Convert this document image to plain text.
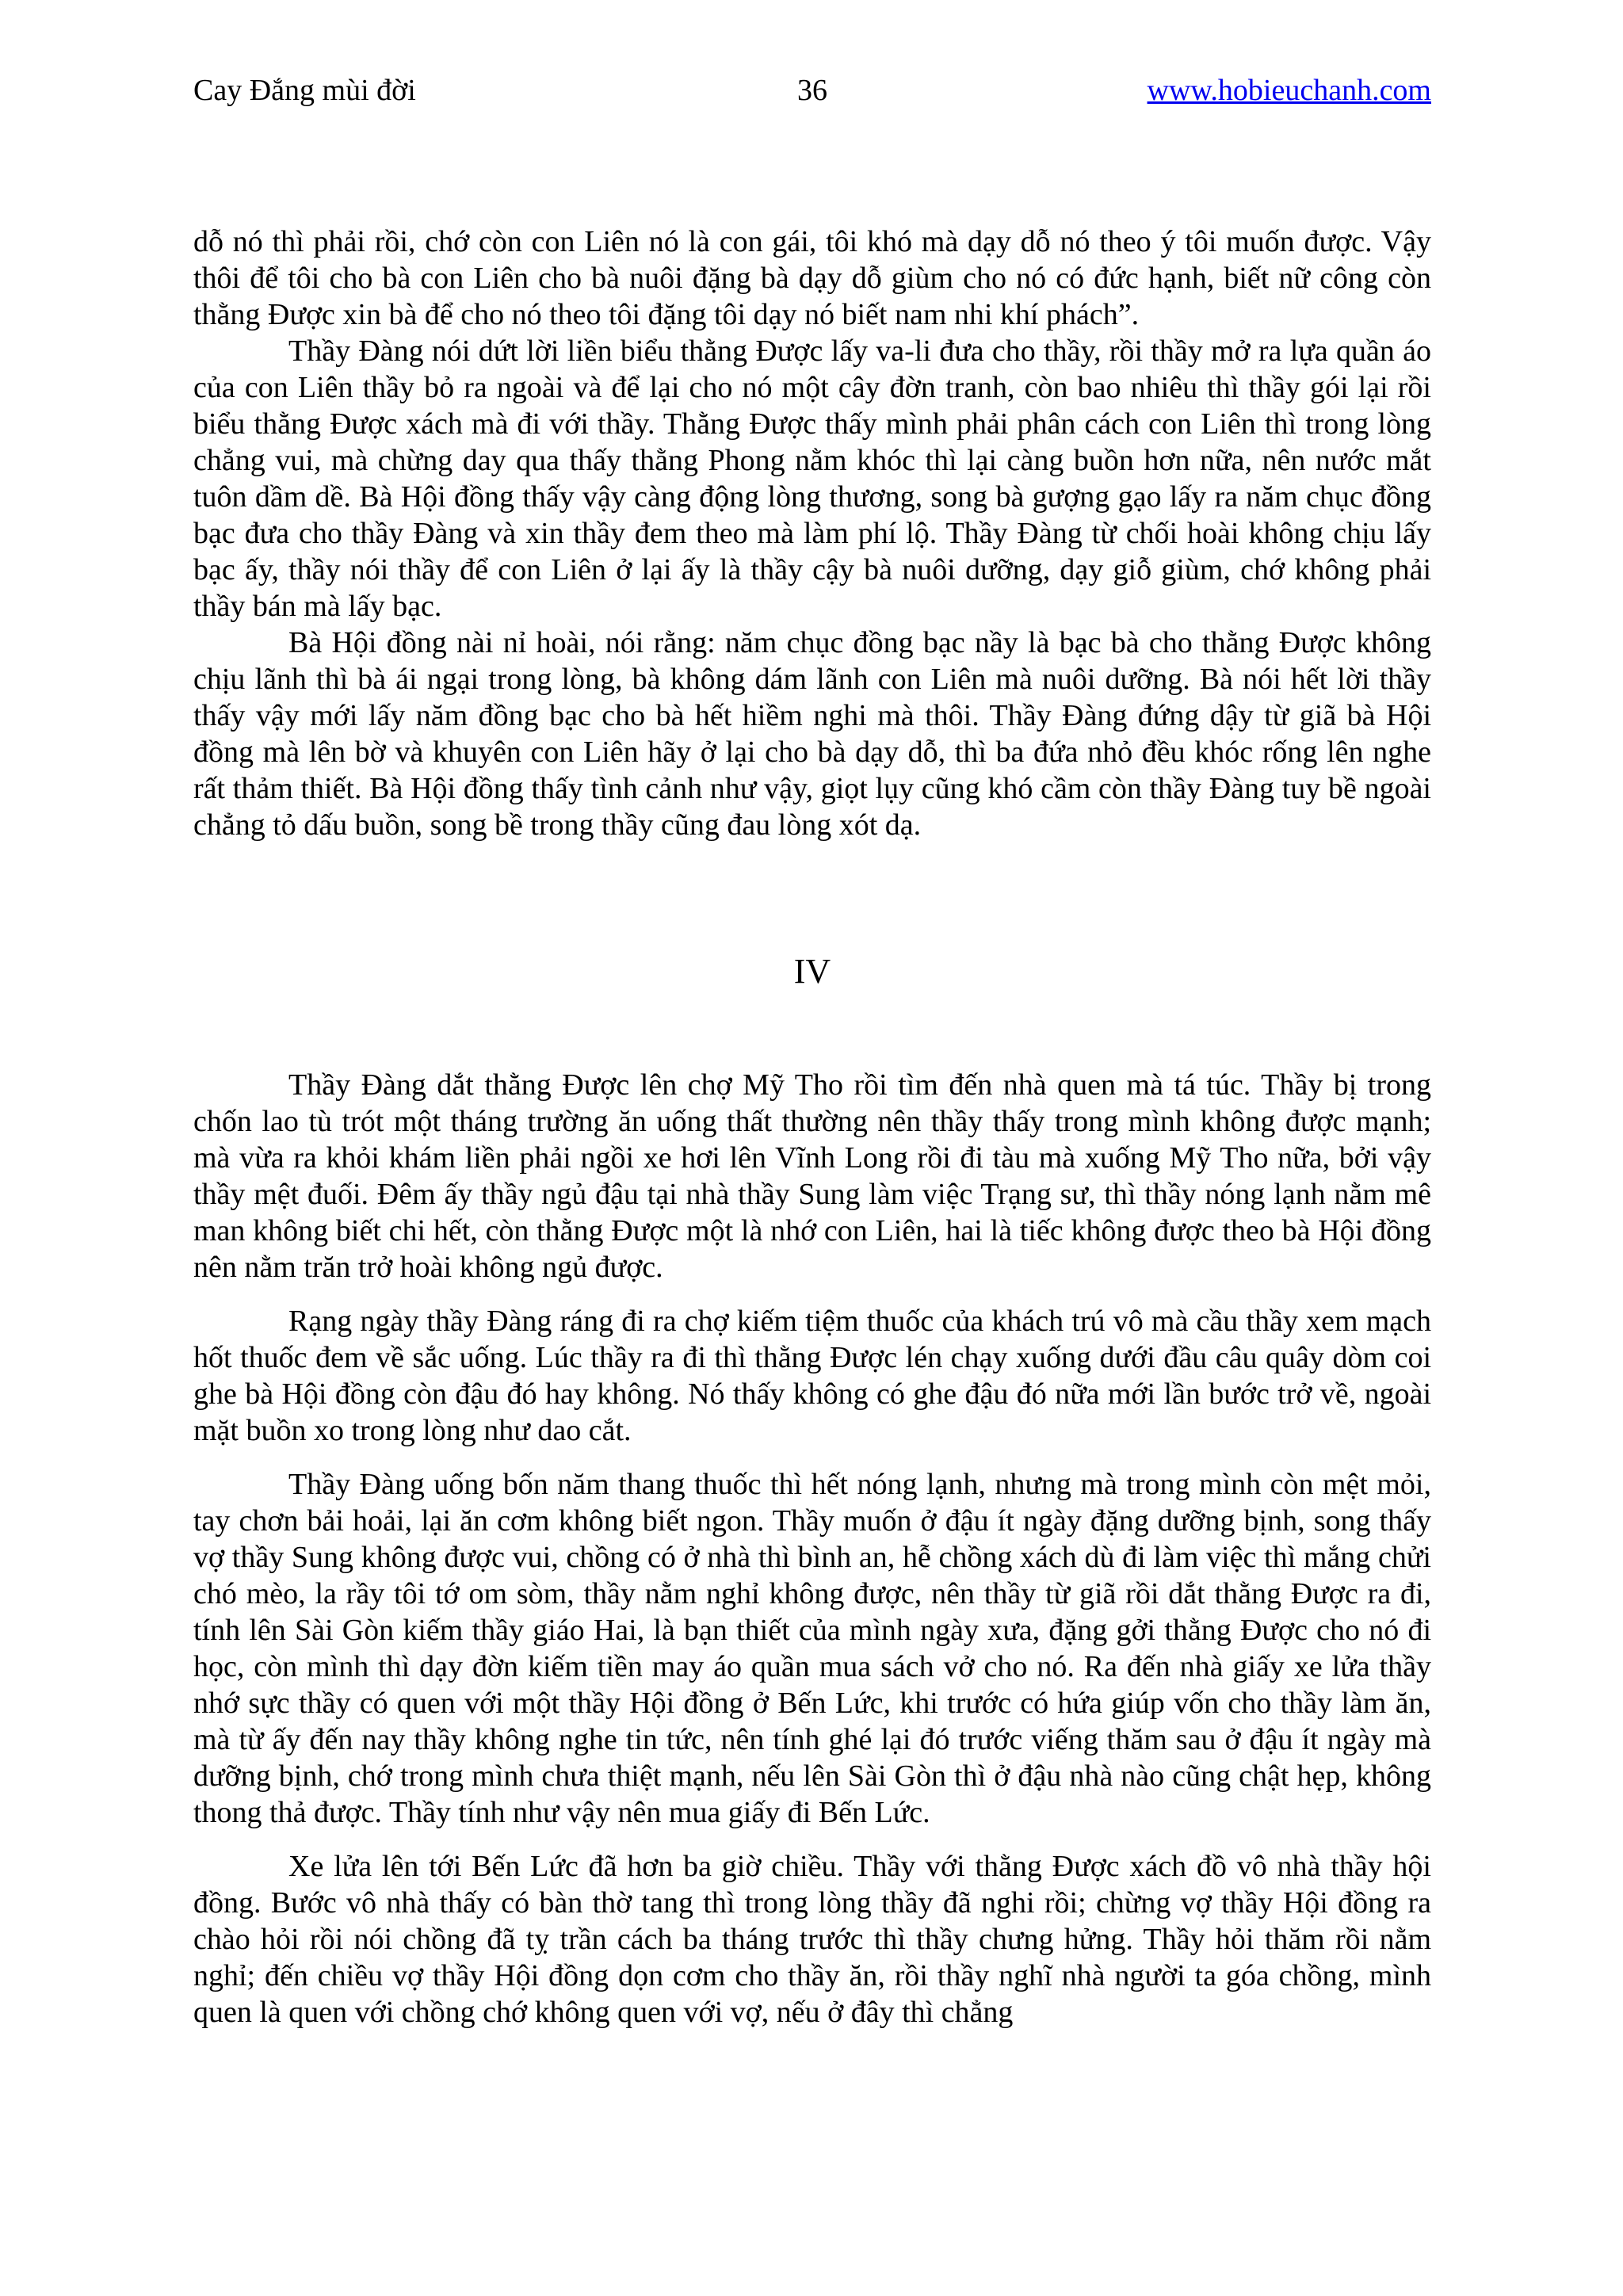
Cay Đắng mùi đời	36	www.hobieuchanh.com

dỗ nó thì phải rồi, chớ còn con Liên nó là con gái, tôi khó mà dạy dỗ nó theo ý tôi muốn được. Vậy thôi để tôi cho bà con Liên cho bà nuôi đặng bà dạy dỗ giùm cho nó có đức hạnh, biết nữ công còn thằng Được xin bà để cho nó theo tôi đặng tôi dạy nó biết nam nhi khí phách”.

Thầy Đàng nói dứt lời liền biểu thằng Được lấy va-li đưa cho thầy, rồi thầy mở ra lựa quần áo của con Liên thầy bỏ ra ngoài và để lại cho nó một cây đờn tranh, còn bao nhiêu thì thầy gói lại rồi biểu thằng Được xách mà đi với thầy. Thằng Được thấy mình phải phân cách con Liên thì trong lòng chẳng vui, mà chừng day qua thấy thằng Phong nằm khóc thì lại càng buồn hơn nữa, nên nước mắt tuôn dầm dề. Bà Hội đồng thấy vậy càng động lòng thương, song bà gượng gạo lấy ra năm chục đồng bạc đưa cho thầy Đàng và xin thầy đem theo mà làm phí lộ. Thầy Đàng từ chối hoài không chịu lấy bạc ấy, thầy nói thầy để con Liên ở lại ấy là thầy cậy bà nuôi dưỡng, dạy giỗ giùm, chớ không phải thầy bán mà lấy bạc.

Bà Hội đồng nài nỉ hoài, nói rằng: năm chục đồng bạc nầy là bạc bà cho thằng Được không chịu lãnh thì bà ái ngại trong lòng, bà không dám lãnh con Liên mà nuôi dưỡng. Bà nói hết lời thầy thấy vậy mới lấy năm đồng bạc cho bà hết hiềm nghi mà thôi. Thầy Đàng đứng dậy từ giã bà Hội đồng mà lên bờ và khuyên con Liên hãy ở lại cho bà dạy dỗ, thì ba đứa nhỏ đều khóc rống lên nghe rất thảm thiết. Bà Hội đồng thấy tình cảnh như vậy, giọt lụy cũng khó cầm còn thầy Đàng tuy bề ngoài chẳng tỏ dấu buồn, song bề trong thầy cũng đau lòng xót dạ.

IV

Thầy Đàng dắt thằng Được lên chợ Mỹ Tho rồi tìm đến nhà quen mà tá túc. Thầy bị trong chốn lao tù trót một tháng trường ăn uống thất thường nên thầy thấy trong mình không được mạnh; mà vừa ra khỏi khám liền phải ngồi xe hơi lên Vĩnh Long rồi đi tàu mà xuống Mỹ Tho nữa, bởi vậy thầy mệt đuối. Đêm ấy thầy ngủ đậu tại nhà thầy Sung làm việc Trạng sư, thì thầy nóng lạnh nằm mê man không biết chi hết, còn thằng Được một là nhớ con Liên, hai là tiếc không được theo bà Hội đồng nên nằm trăn trở hoài không ngủ được.

Rạng ngày thầy Đàng ráng đi ra chợ kiếm tiệm thuốc của khách trú vô mà cầu thầy xem mạch hốt thuốc đem về sắc uống. Lúc thầy ra đi thì thằng Được lén chạy xuống dưới đầu câu quây dòm coi ghe bà Hội đồng còn đậu đó hay không. Nó thấy không có ghe đậu đó nữa mới lần bước trở về, ngoài mặt buồn xo trong lòng như dao cắt.

Thầy Đàng uống bốn năm thang thuốc thì hết nóng lạnh, nhưng mà trong mình còn mệt mỏi, tay chơn bải hoải, lại ăn cơm không biết ngon. Thầy muốn ở đậu ít ngày đặng dưỡng bịnh, song thấy vợ thầy Sung không được vui, chồng có ở nhà thì bình an, hễ chồng xách dù đi làm việc thì mắng chửi chó mèo, la rầy tôi tớ om sòm, thầy nằm nghỉ không được, nên thầy từ giã rồi dắt thằng Được ra đi, tính lên Sài Gòn kiếm thầy giáo Hai, là bạn thiết của mình ngày xưa, đặng gởi thằng Được cho nó đi học, còn mình thì dạy đờn kiếm tiền may áo quần mua sách vở cho nó. Ra đến nhà giấy xe lửa thầy nhớ sực thầy có quen với một thầy Hội đồng ở Bến Lức, khi trước có hứa giúp vốn cho thầy làm ăn, mà từ ấy đến nay thầy không nghe tin tức, nên tính ghé lại đó trước viếng thăm sau ở đậu ít ngày mà dưỡng bịnh, chớ trong mình chưa thiệt mạnh, nếu lên Sài Gòn thì ở đậu nhà nào cũng chật hẹp, không thong thả được. Thầy tính như vậy nên mua giấy đi Bến Lức.

Xe lửa lên tới Bến Lức đã hơn ba giờ chiều. Thầy với thằng Được xách đồ vô nhà thầy hội đồng. Bước vô nhà thấy có bàn thờ tang thì trong lòng thầy đã nghi rồi; chừng vợ thầy Hội đồng ra chào hỏi rồi nói chồng đã tỵ trần cách ba tháng trước thì thầy chưng hửng. Thầy hỏi thăm rồi nằm nghỉ; đến chiều vợ thầy Hội đồng dọn cơm cho thầy ăn, rồi thầy nghĩ nhà người ta góa chồng, mình quen là quen với chồng chớ không quen với vợ, nếu ở đây thì chẳng
